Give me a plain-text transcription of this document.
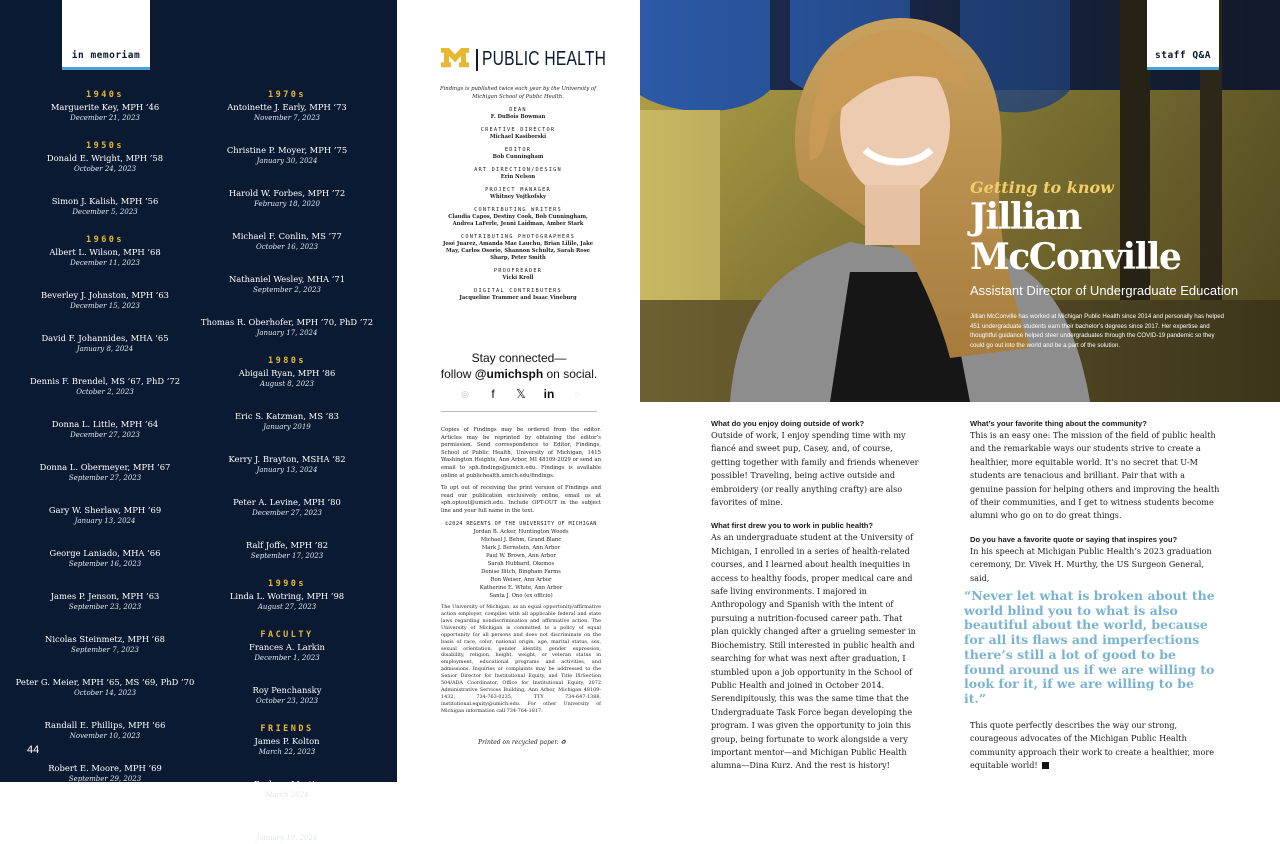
in memoriam
1940s
Marguerite Key, MPH ’46
December 21, 2023
1950s
Donald E. Wright, MPH ’58
October 24, 2023
Simon J. Kalish, MPH ’56
December 5, 2023
1960s
Albert L. Wilson, MPH ’68
December 11, 2023
Beverley J. Johnston, MPH ’63
December 15, 2023
David F. Johannides, MHA ’65
January 8, 2024
Dennis F. Brendel, MS ’67, PhD ’72
October 2, 2023
Donna L. Little, MPH ’64
December 27, 2023
Donna L. Obermeyer, MPH ’67
September 27, 2023
Gary W. Sherlaw, MPH ’69
January 13, 2024
George Laniado, MHA ’66
September 16, 2023
James P. Jenson, MPH ’63
September 23, 2023
Nicolas Steinmetz, MPH ’68
September 7, 2023
Peter G. Meier, MPH ’65, MS ’69, PhD ’70
October 14, 2023
Randall E. Phillips, MPH ’66
November 10, 2023
Robert E. Moore, MPH ’69
September 29, 2023
1970s
Antoinette J. Early, MPH ’73
November 7, 2023
Christine P. Moyer, MPH ’75
January 30, 2024
Harold W. Forbes, MPH ’72
February 18, 2020
Michael F. Conlin, MS ’77
October 16, 2023
Nathaniel Wesley, MHA ’71
September 2, 2023
Thomas R. Oberhofer, MPH ’70, PhD ’72
January 17, 2024
1980s
Abigail Ryan, MPH ’86
August 8, 2023
Eric S. Katzman, MS ’83
January 2019
Kerry J. Brayton, MSHA ’82
January 13, 2024
Peter A. Levine, MPH ’80
December 27, 2023
Ralf Joffe, MPH ’82
September 17, 2023
1990s
Linda L. Wotring, MPH ’98
August 27, 2023
FACULTY
Frances A. Larkin
December 1, 2023
Roy Penchansky
October 23, 2023
FRIENDS
James P. Kolton
March 22, 2023
Barbara Martin
March 2024
William D. Schlaff
January 19, 2024
44
PUBLIC HEALTH
Findings is published twice each year by the University of Michigan School of Public Health.
DEAN
F. DuBois Bowman
CREATIVE DIRECTOR
Michael Kasiborski
EDITOR
Bob Cunningham
ART DIRECTION/DESIGN
Erin Nelson
PROJECT MANAGER
Whitney Vojtkofsky
CONTRIBUTING WRITERS
Claudia Capos, Destiny Cook, Bob Cunningham, Andrea LaFerle, Jenni Laidman, Amber Stark
CONTRIBUTING PHOTOGRAPHERS
José Juarez, Amanda Mae Lauchu, Brian Lilile, Jake May, Carlos Osorio, Shannon Schultz, Sarah Rose Sharp, Peter Smith
PROOFREADER
Vicki Kroll
DIGITAL CONTRIBUTERS
Jacqueline Trammer and Isaac Vineburg
Stay connected—
follow @umichsph on social.
◎	f	𝕏 in	◌

Copies of Findings may be ordered from the editor. Articles may be reprinted by obtaining the editor’s permission. Send correspondence to Editor, Findings, School of Public Health, University of Michigan, 1415 Washington Heights, Ann Arbor, MI 48109-2029 or send an email to sph.findings@umich.edu. Findings is available online at publichealth.umich.edu/findings.

To opt out of receiving the print version of Findings and read our publication exclusively online, email us at sph.optout@umich.edu. Include OPT-OUT in the subject line and your full name in the text.

©2024 REGENTS OF THE UNIVERSITY OF MICHIGAN
Jordan B. Acker, Huntington Woods
Michael J. Behm, Grand Blanc
Mark J. Bernstein, Ann Arbor
Paul W. Brown, Ann Arbor
Sarah Hubbard, Okemos
Denise Ilitch, Bingham Farms
Ron Weiser, Ann Arbor
Katherine E. White, Ann Arbor
Santa J. Ono (ex officio)
The University of Michigan, as an equal opportunity/affirmative action employer, complies with all applicable federal and state laws regarding nondiscrimination and affirmative action. The University of Michigan is committed to a policy of equal opportunity for all persons and does not discriminate on the basis of race, color, national origin, age, marital status, sex, sexual orientation, gender identity, gender expression, disability, religion, height, weight, or veteran status in employment, educational programs and activities, and admissions. Inquiries or complaints may be addressed to the Senior Director for Institutional Equity, and Title IX/Section 504/ADA Coordinator, Office for Institutional Equity, 2072 Administrative Services Building, Ann Arbor, Michigan 48109-1432, 734-763-0235, TTY 734-647-1388, institutional.equity@umich.edu. For other University of Michigan information call 734-764-1817.
Printed on recycled paper. ♻
staff Q&A
Getting to know
Jillian
McConville
Assistant Director of Undergraduate Education
Jillian McConville has worked at Michigan Public Health since 2014 and personally has helped 451 undergraduate students earn their bachelor’s degrees since 2017. Her expertise and thoughtful guidance helped steer undergraduates through the COVID-19 pandemic so they could go out into the world and be a part of the solution.
What do you enjoy doing outside of work?
Outside of work, I enjoy spending time with my fiancé and sweet pup, Casey, and, of course, getting together with family and friends whenever possible! Traveling, being active outside and embroidery (or really anything crafty) are also favorites of mine.
What first drew you to work in public health?
As an undergraduate student at the University of Michigan, I enrolled in a series of health-related courses, and I learned about health inequities in access to healthy foods, proper medical care and safe living environments. I majored in Anthropology and Spanish with the intent of pursuing a nutrition-focused career path. That plan quickly changed after a grueling semester in Biochemistry. Still interested in public health and searching for what was next after graduation, I stumbled upon a job opportunity in the School of Public Health and joined in October 2014. Serendipitously, this was the same time that the Undergraduate Task Force began developing the program. I was given the opportunity to join this group, being fortunate to work alongside a very important mentor—and Michigan Public Health alumna—Dina Kurz. And the rest is history!
What’s your favorite thing about the community?
This is an easy one: The mission of the field of public health and the remarkable ways our students strive to create a healthier, more equitable world. It’s no secret that U-M students are tenacious and brilliant. Pair that with a genuine passion for helping others and improving the health of their communities, and I get to witness students become alumni who go on to do great things.
Do you have a favorite quote or saying that inspires you?
In his speech at Michigan Public Health’s 2023 graduation ceremony, Dr. Vivek H. Murthy, the US Surgeon General, said,
“Never let what is broken about the world blind you to what is also beautiful about the world, because for all its flaws and imperfections there’s still a lot of good to be found around us if we are willing to look for it, if we are willing to be it.”
This quote perfectly describes the way our strong, courageous advocates of the Michigan Public Health community approach their work to create a healthier, more equitable world!
